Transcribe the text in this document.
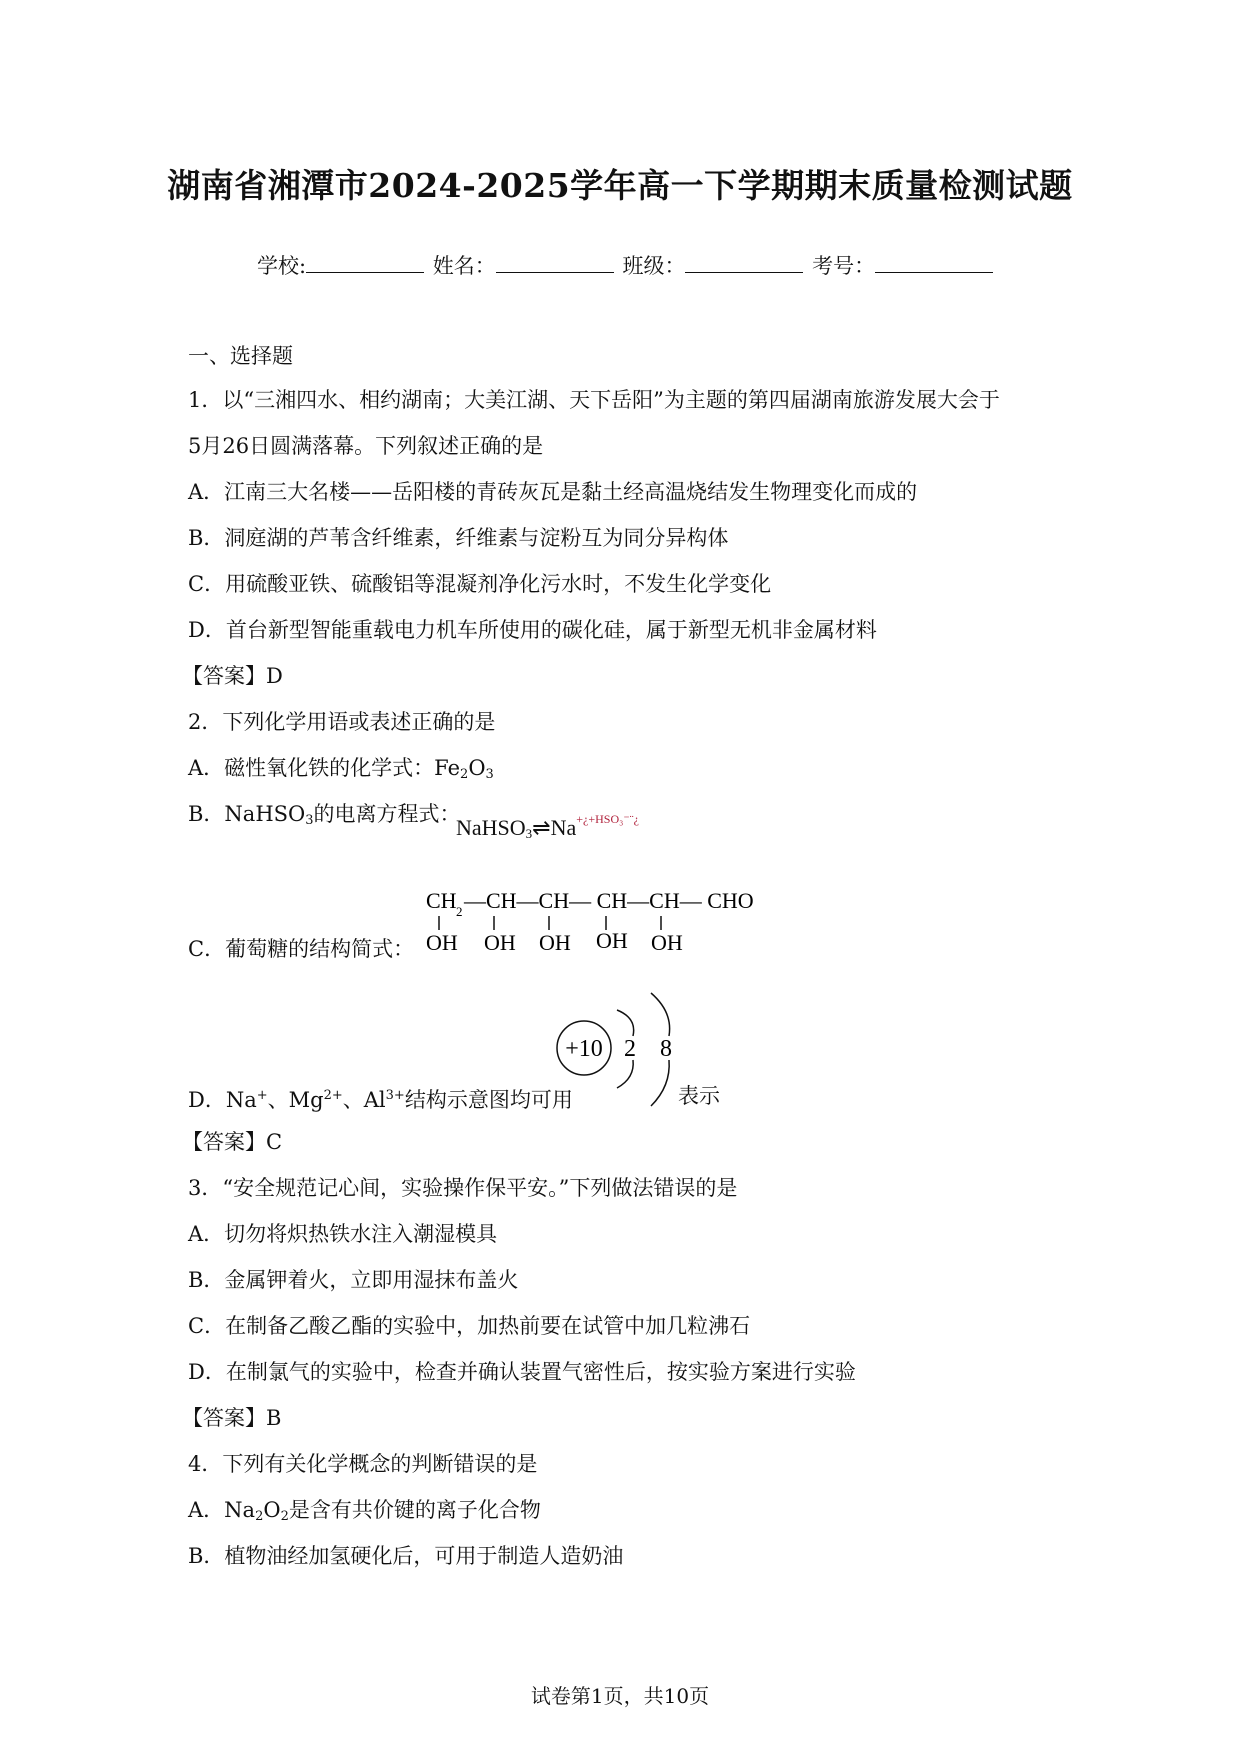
湖南省湘潭市2024-2025学年高一下学期期末质量检测试题
学校:	姓名：	班级：	考号：
一、选择题
1．以“三湘四水、相约湖南；大美江湖、天下岳阳”为主题的第四届湖南旅游发展大会于
5月26日圆满落幕。下列叙述正确的是
A．江南三大名楼——岳阳楼的青砖灰瓦是黏土经高温烧结发生物理变化而成的
B．洞庭湖的芦苇含纤维素，纤维素与淀粉互为同分异构体
C．用硫酸亚铁、硫酸铝等混凝剂净化污水时，不发生化学变化
D．首台新型智能重载电力机车所使用的碳化硅，属于新型无机非金属材料
【答案】D
2．下列化学用语或表述正确的是
A．磁性氧化铁的化学式：$Fe_2O_3$
B．NaHSO$_3$的电离方程式：
$NaHSO_3\rightleftharpoons Na^{+¿+HSO_3^-¨¿}$
CH 2 —CH—CH— CH—CH— CHO
OH OH OH OH OH
C．葡萄糖的结构简式：
+10 2 8
D．Na+、$Mg^{2+}$、$Al^{3+}$结构示意图均可用	表示
【答案】C
3．“安全规范记心间，实验操作保平安。”下列做法错误的是
A．切勿将炽热铁水注入潮湿模具
B．金属钾着火，立即用湿抹布盖火
C．在制备乙酸乙酯的实验中，加热前要在试管中加几粒沸石
D．在制氯气的实验中，检查并确认装置气密性后，按实验方案进行实验
【答案】B
4．下列有关化学概念的判断错误的是
A．$Na_2O_2$是含有共价键的离子化合物
B．植物油经加氢硬化后，可用于制造人造奶油
试卷第1页，共10页
